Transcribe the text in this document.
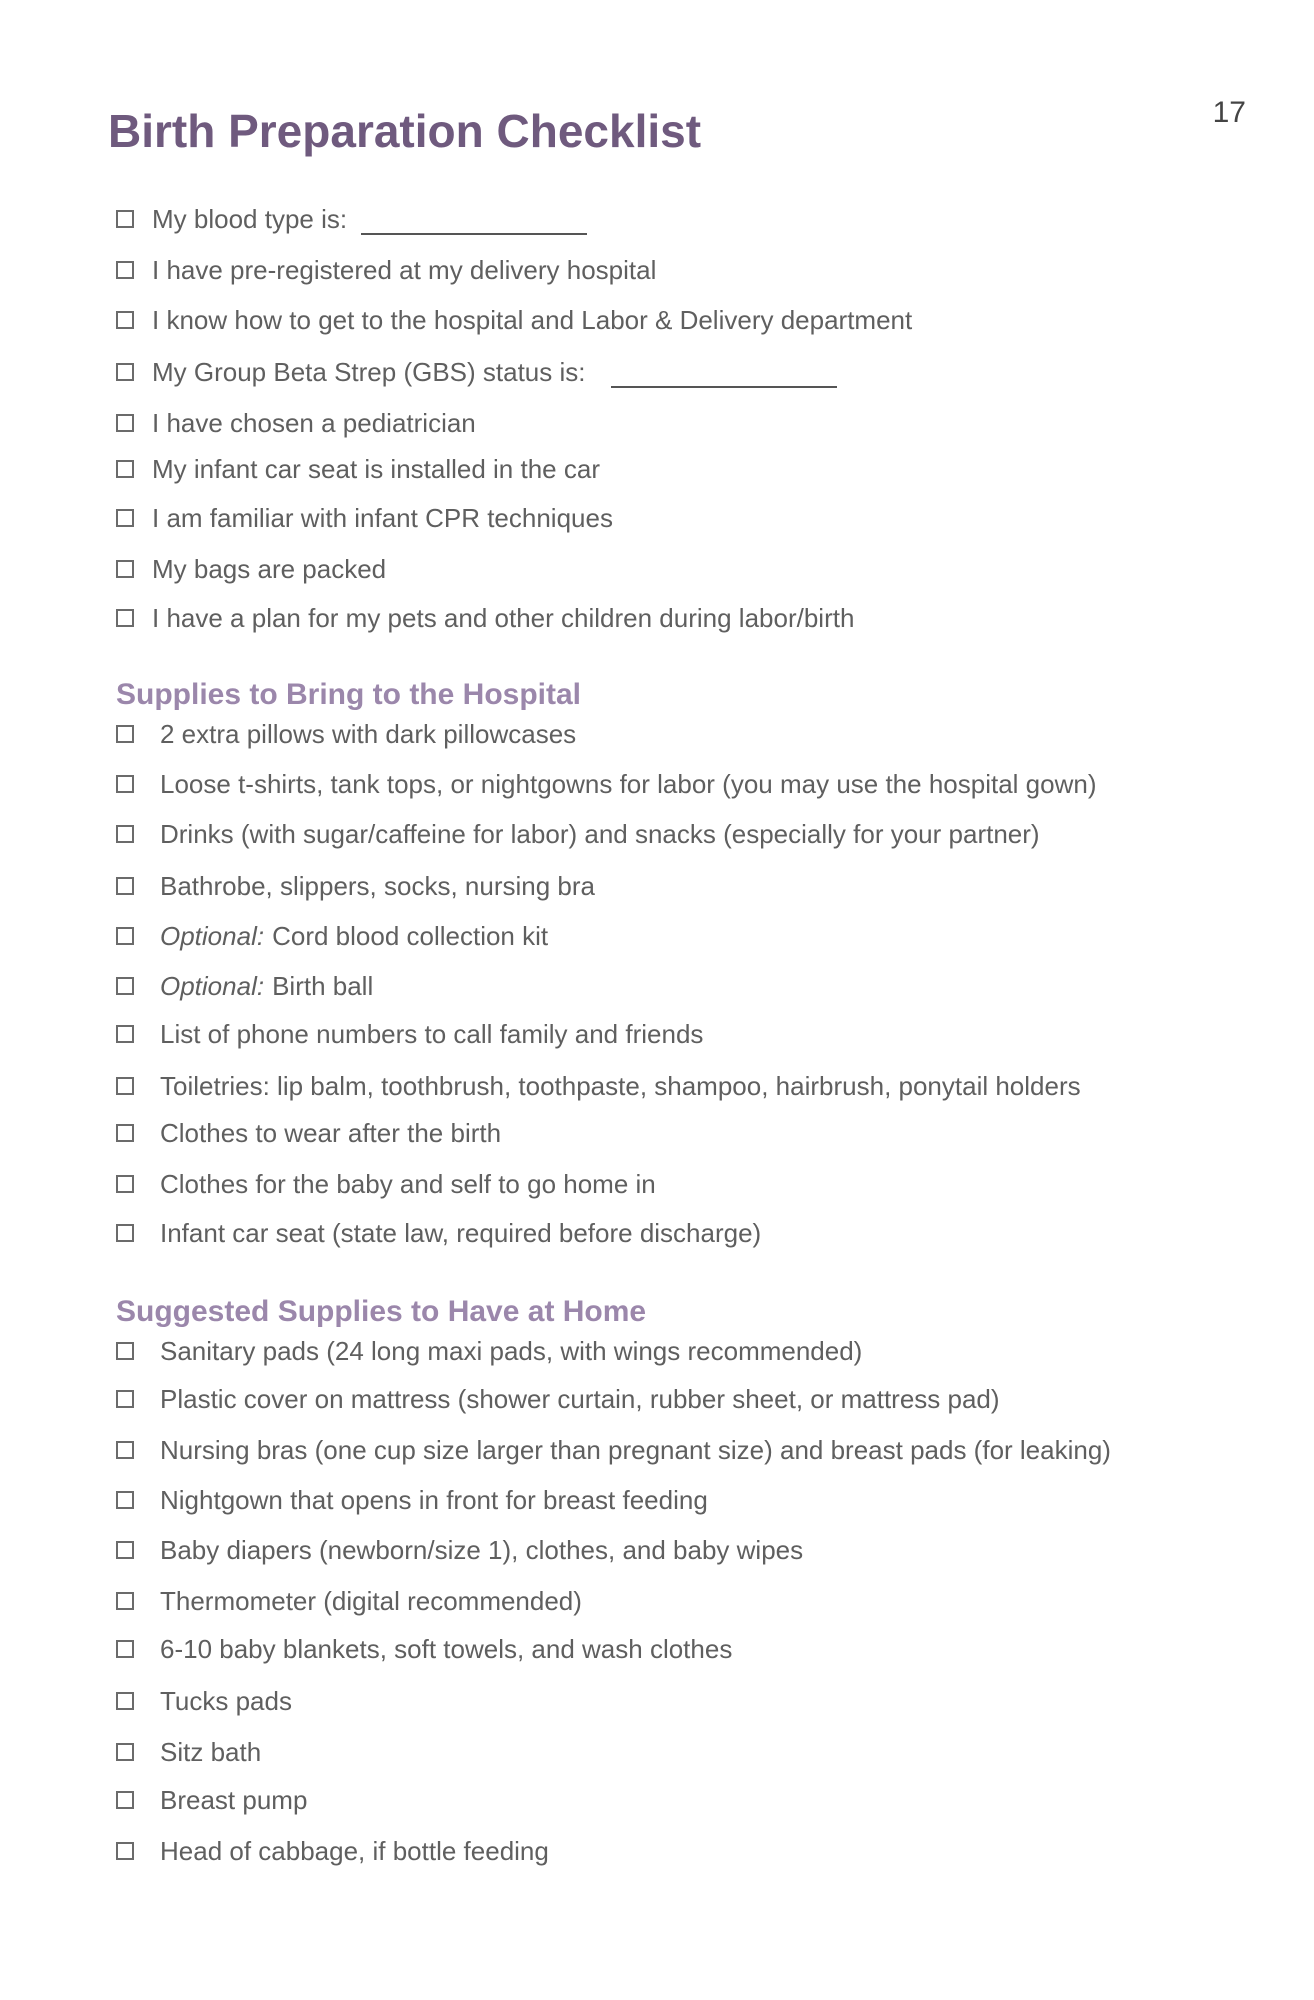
17
Birth Preparation Checklist
My blood type is:
I have pre-registered at my delivery hospital
I know how to get to the hospital and Labor & Delivery department
My Group Beta Strep (GBS) status is:
I have chosen a pediatrician
My infant car seat is installed in the car
I am familiar with infant CPR techniques
My bags are packed
I have a plan for my pets and other children during labor/birth
Supplies to Bring to the Hospital
2 extra pillows with dark pillowcases
Loose t-shirts, tank tops, or nightgowns for labor (you may use the hospital gown)
Drinks (with sugar/caffeine for labor) and snacks (especially for your partner)
Bathrobe, slippers, socks, nursing bra
Optional: Cord blood collection kit
Optional: Birth ball
List of phone numbers to call family and friends
Toiletries: lip balm, toothbrush, toothpaste, shampoo, hairbrush, ponytail holders
Clothes to wear after the birth
Clothes for the baby and self to go home in
Infant car seat (state law, required before discharge)
Suggested Supplies to Have at Home
Sanitary pads (24 long maxi pads, with wings recommended)
Plastic cover on mattress (shower curtain, rubber sheet, or mattress pad)
Nursing bras (one cup size larger than pregnant size) and breast pads (for leaking)
Nightgown that opens in front for breast feeding
Baby diapers (newborn/size 1), clothes, and baby wipes
Thermometer (digital recommended)
6-10 baby blankets, soft towels, and wash clothes
Tucks pads
Sitz bath
Breast pump
Head of cabbage, if bottle feeding
